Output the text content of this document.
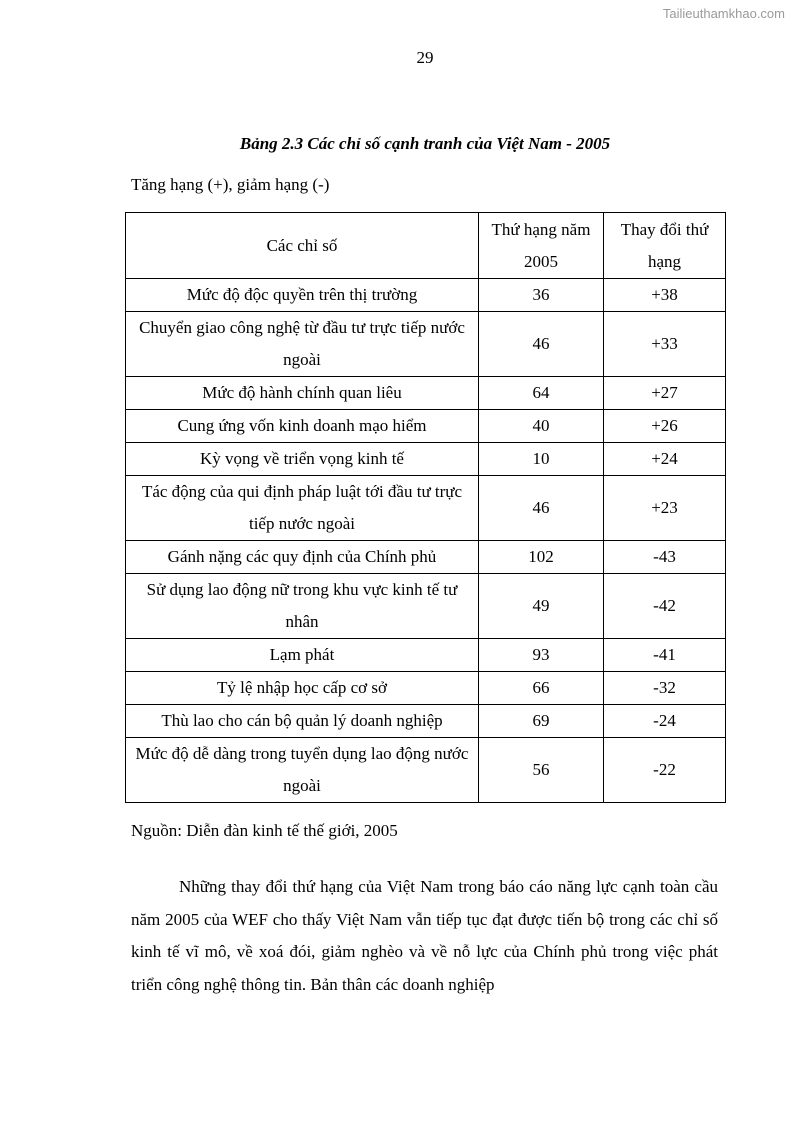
Tailieuthamkhao.com
29
Bảng 2.3 Các chỉ số cạnh tranh của Việt Nam - 2005
Tăng hạng (+), giảm hạng (-)
Các chỉ số	Thứ hạng năm 2005	Thay đổi thứ hạng
Mức độ độc quyền trên thị trường	36	+38
Chuyển giao công nghệ từ đầu tư trực tiếp nước ngoài	46	+33
Mức độ hành chính quan liêu	64	+27
Cung ứng vốn kinh doanh mạo hiểm	40	+26
Kỳ vọng về triển vọng kinh tế	10	+24
Tác động của qui định pháp luật tới đầu tư trực tiếp nước ngoài	46	+23
Gánh nặng các quy định của Chính phủ	102	-43
Sử dụng lao động nữ trong khu vực kinh tế tư nhân	49	-42
Lạm phát	93	-41
Tỷ lệ nhập học cấp cơ sở	66	-32
Thù lao cho cán bộ quản lý doanh nghiệp	69	-24
Mức độ dễ dàng trong tuyển dụng lao động nước ngoài	56	-22
Nguồn: Diễn đàn kinh tế thế giới, 2005
Những thay đổi thứ hạng của Việt Nam trong báo cáo năng lực cạnh toàn cầu năm 2005 của WEF cho thấy Việt Nam vẫn tiếp tục đạt được tiến bộ trong các chỉ số kinh tế vĩ mô, về xoá đói, giảm nghèo và về nỗ lực của Chính phủ trong việc phát triển công nghệ thông tin. Bản thân các doanh nghiệp
